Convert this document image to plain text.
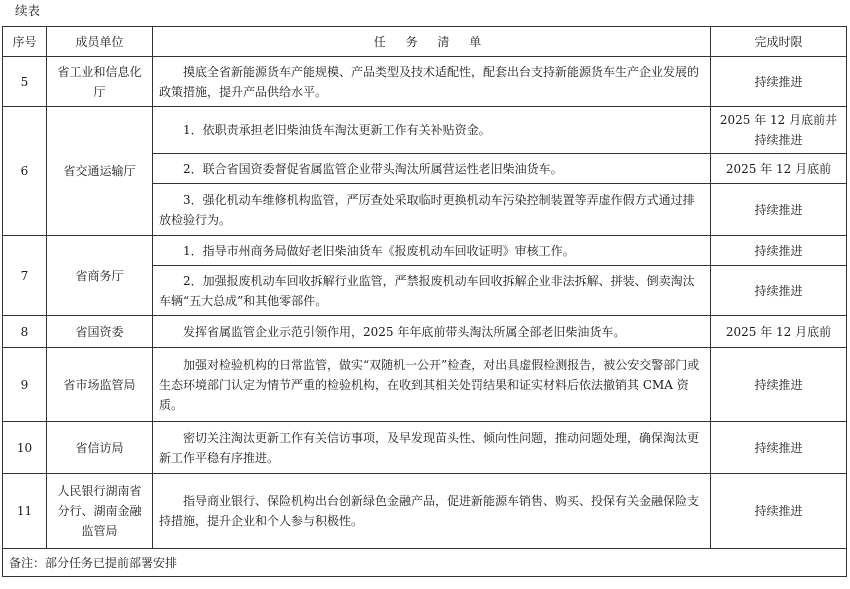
续表
序号	成员单位	任 务 清 单	完成时限
5	省工业和信息化厅	摸底全省新能源货车产能规模、产品类型及技术适配性，配套出台支持新能源货车生产企业发展的政策措施，提升产品供给水平。	持续推进
6	省交通运输厅	1．依职责承担老旧柴油货车淘汰更新工作有关补贴资金。	2025 年 12 月底前并持续推进
		2．联合省国资委督促省属监管企业带头淘汰所属营运性老旧柴油货车。	2025 年 12 月底前
		3．强化机动车维修机构监管，严厉查处采取临时更换机动车污染控制装置等弄虚作假方式通过排放检验行为。	持续推进
7	省商务厅	1．指导市州商务局做好老旧柴油货车《报废机动车回收证明》审核工作。	持续推进
		2．加强报废机动车回收拆解行业监管，严禁报废机动车回收拆解企业非法拆解、拼装、倒卖淘汰车辆“五大总成”和其他零部件。	持续推进
8	省国资委	发挥省属监管企业示范引领作用，2025 年年底前带头淘汰所属全部老旧柴油货车。	2025 年 12 月底前
9	省市场监管局	加强对检验机构的日常监管，做实“双随机一公开”检查，对出具虚假检测报告，被公安交警部门或生态环境部门认定为情节严重的检验机构，在收到其相关处罚结果和证实材料后依法撤销其 CMA 资质。	持续推进
10	省信访局	密切关注淘汰更新工作有关信访事项，及早发现苗头性、倾向性问题，推动问题处理，确保淘汰更新工作平稳有序推进。	持续推进
11	人民银行湖南省分行、湖南金融监管局	指导商业银行、保险机构出台创新绿色金融产品，促进新能源车销售、购买、投保有关金融保险支持措施，提升企业和个人参与积极性。	持续推进
备注：部分任务已提前部署安排			
